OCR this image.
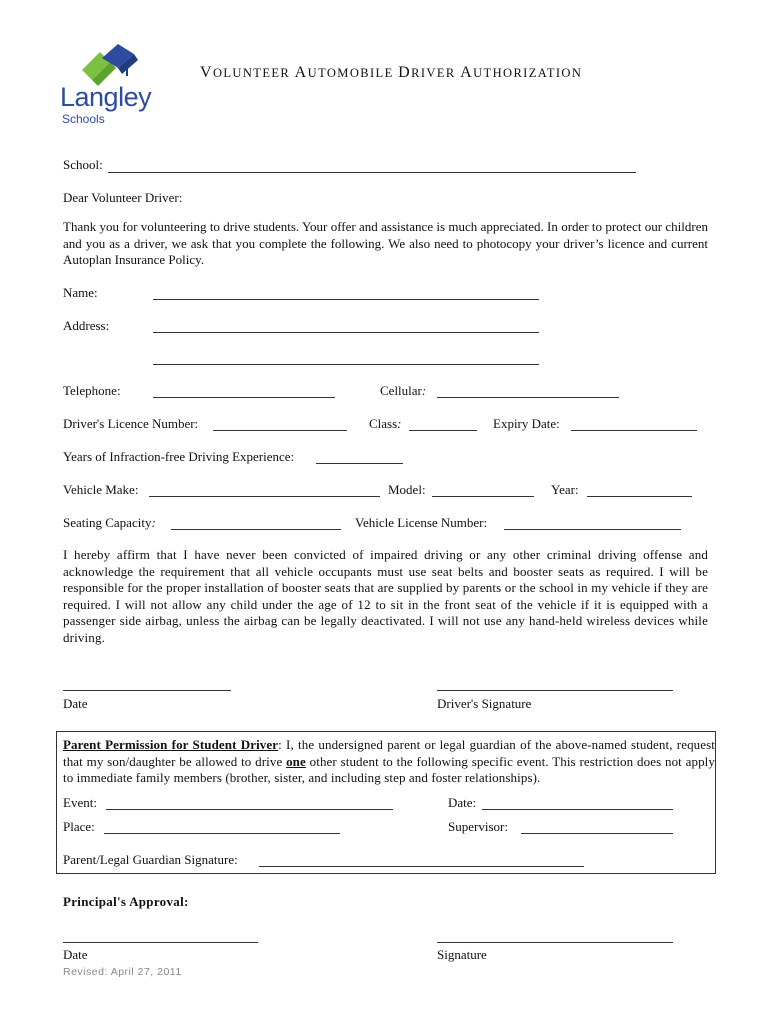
Langley
Schools
VOLUNTEER AUTOMOBILE DRIVER AUTHORIZATION
School:
Dear Volunteer Driver:
Thank you for volunteering to drive students. Your offer and assistance is much appreciated. In order to protect our children and you as a driver, we ask that you complete the following. We also need to photocopy your driver’s licence and current Autoplan Insurance Policy.
Name:
Address:
Telephone:	Cellular:
Driver's Licence Number:	Class:	Expiry Date:
Years of Infraction-free Driving Experience:
Vehicle Make:	Model:	Year:
Seating Capacity:	Vehicle License Number:
I hereby affirm that I have never been convicted of impaired driving or any other criminal driving offense and acknowledge the requirement that all vehicle occupants must use seat belts and booster seats as required. I will be responsible for the proper installation of booster seats that are supplied by parents or the school in my vehicle if they are required. I will not allow any child under the age of 12 to sit in the front seat of the vehicle if it is equipped with a passenger side airbag, unless the airbag can be legally deactivated. I will not use any hand-held wireless devices while driving.
Date	Driver's Signature
Parent Permission for Student Driver: I, the undersigned parent or legal guardian of the above-named student, request that my son/daughter be allowed to drive one other student to the following specific event. This restriction does not apply to immediate family members (brother, sister, and including step and foster relationships).
Event:	Date:
Place:	Supervisor:
Parent/Legal Guardian Signature:
Principal's Approval:
Date	Signature
Revised: April 27, 2011
